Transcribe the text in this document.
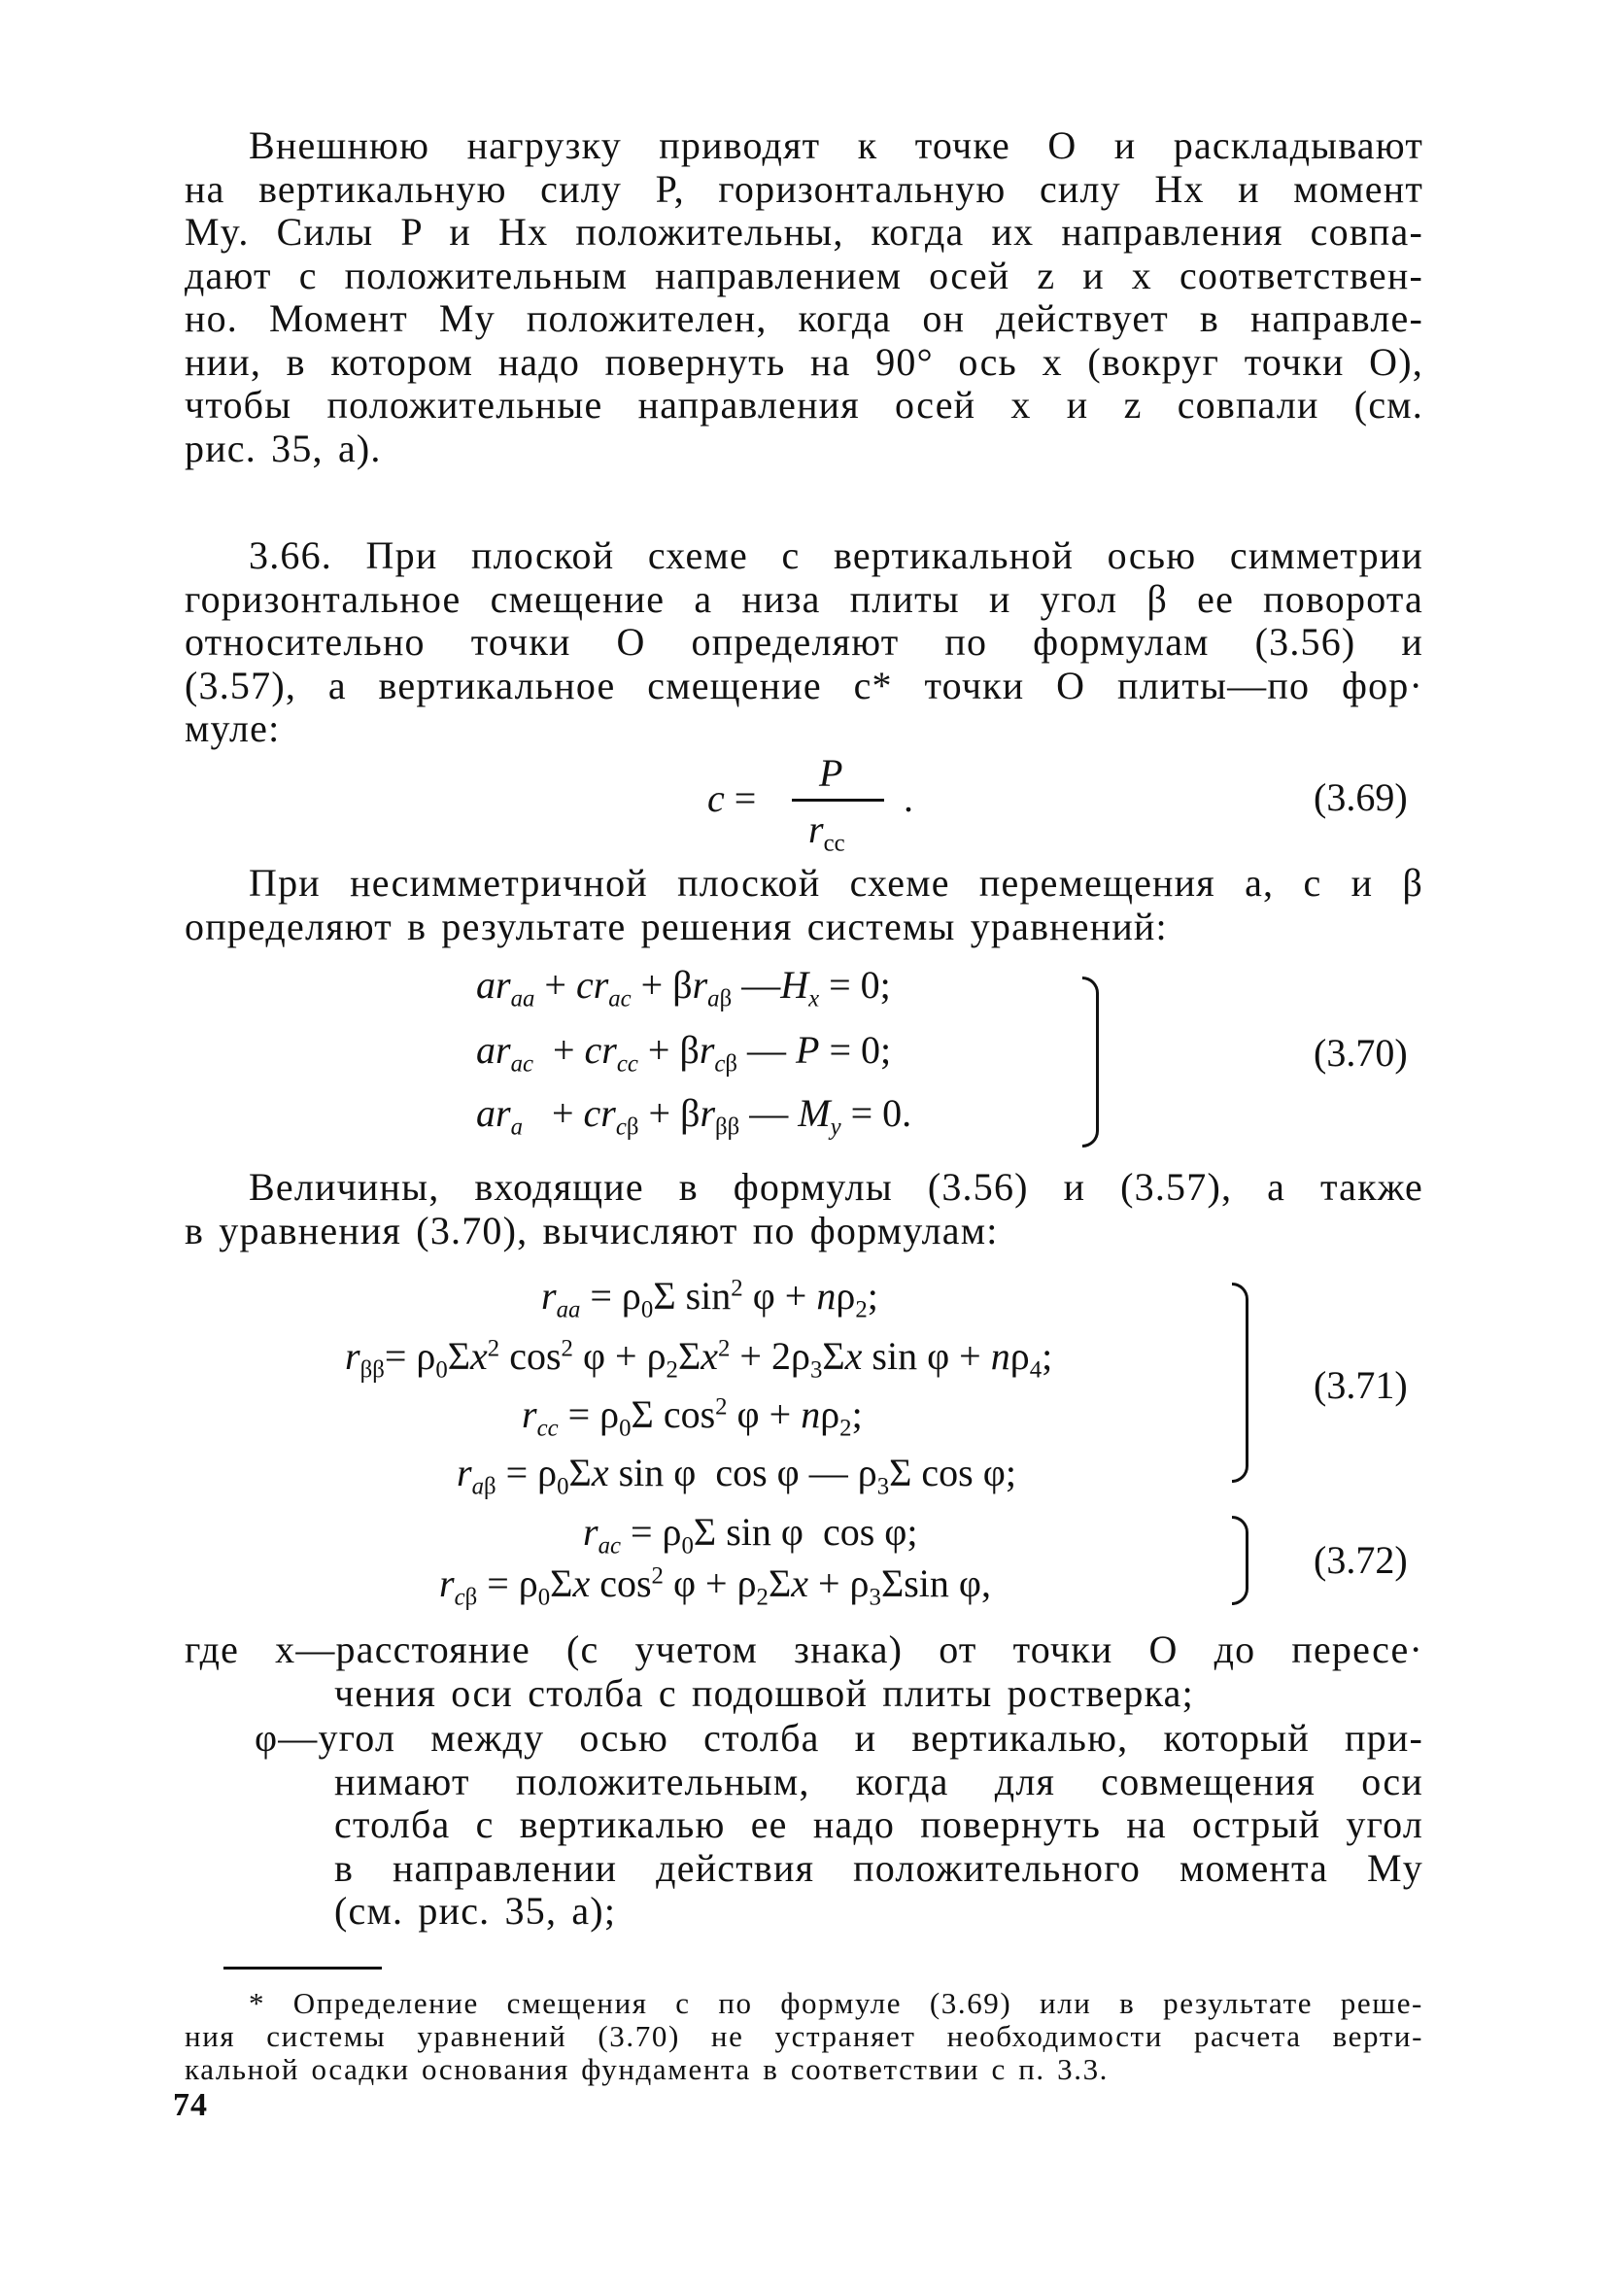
Внешнюю нагрузку приводят к точке O и раскладывают
на вертикальную силу P, горизонтальную силу Hx и момент
My. Силы P и Hx положительны, когда их направления совпа-
дают с положительным направлением осей z и x соответствен-
но. Момент My положителен, когда он действует в направле-
нии, в котором надо повернуть на 90° ось x (вокруг точки O),
чтобы положительные направления осей x и z совпали (см.
рис. 35, a).
3.66. При плоской схеме с вертикальной осью симметрии
горизонтальное смещение a низа плиты и угол β ее поворота
относительно точки O определяют по формулам (3.56) и
(3.57), а вертикальное смещение c* точки O плиты—по фор·
муле:
c =
P
$r_{cc}$
.	(3.69)
При несимметричной плоской схеме перемещения a, c и β
определяют в результате решения системы уравнений:
$ar_{aa} + cr_{ac} + \beta r_{a\beta}$ $—H_x = 0$;
$ar_{ac} + cr_{cc} + \beta r_{c\beta}$ — P = 0;
$ar_a + cr_{c\beta} + \beta r_{\beta\beta}$ — $M_y = 0$.
(3.70)
Величины, входящие в формулы (3.56) и (3.57), а также
в уравнения (3.70), вычисляют по формулам:
$r_{aa} = \rho_0\Sigma$ $\sin^2 \varphi + n\rho_2$;
$r_{\beta\beta}= \rho_0\Sigma x^2$ $\cos^2 \varphi + \rho_2\Sigma x^2 + 2\rho_3\Sigma x$ $\sin \varphi + n\rho_4$;
$r_{cc} = \rho_0\Sigma$ $\cos^2 \varphi + n\rho_2$;
$r_{a\beta} = \rho_0\Sigma x$ sin φ  cos φ — $\rho_3\Sigma$ cos φ;
(3.71)
$r_{ac} = \rho_0\Sigma$ sin φ  cos φ;
$r_{c\beta} = \rho_0\Sigma x$ $\cos^2 \varphi + \rho_2\Sigma x + \rho_3\Sigma\sin$ φ,
(3.72)
где x—расстояние (с учетом знака) от точки O до пересе·
чения оси столба с подошвой плиты ростверка;
φ—угол между осью столба и вертикалью, который при-
нимают положительным, когда для совмещения оси
столба с вертикалью ее надо повернуть на острый угол
в направлении действия положительного момента My
(см. рис. 35, a);
* Определение смещения c по формуле (3.69) или в результате реше-
ния системы уравнений (3.70) не устраняет необходимости расчета верти-
кальной осадки основания фундамента в соответствии с п. 3.3.
74
